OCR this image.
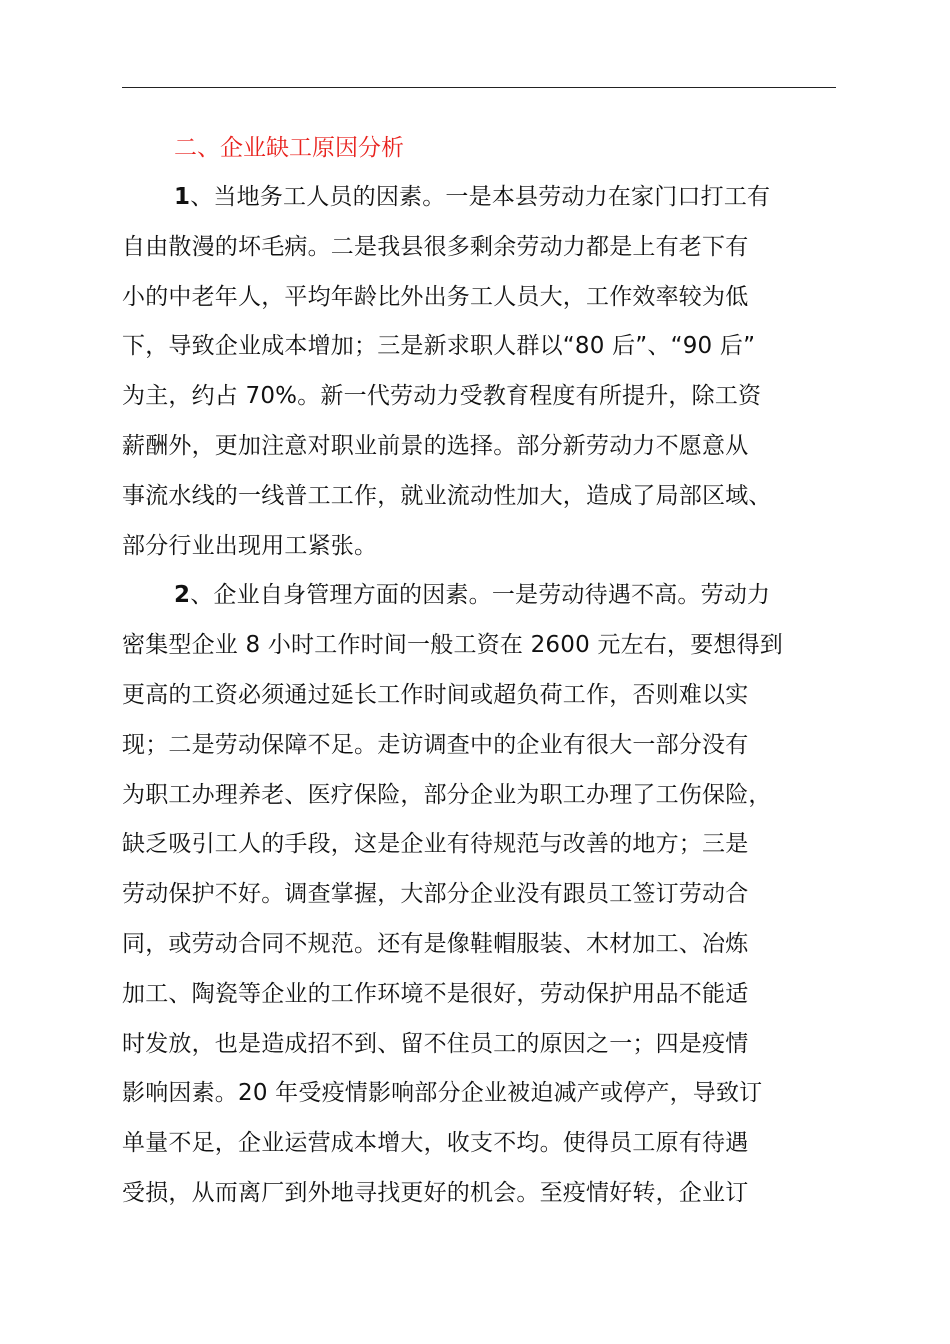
二、企业缺工原因分析
1、当地务工人员的因素。一是本县劳动力在家门口打工有
自由散漫的坏毛病。二是我县很多剩余劳动力都是上有老下有
小的中老年人，平均年龄比外出务工人员大，工作效率较为低
下，导致企业成本增加；三是新求职人群以“80 后”、“90 后”
为主，约占 70%。新一代劳动力受教育程度有所提升，除工资
薪酬外，更加注意对职业前景的选择。部分新劳动力不愿意从
事流水线的一线普工工作，就业流动性加大，造成了局部区域、
部分行业出现用工紧张。
2、企业自身管理方面的因素。一是劳动待遇不高。劳动力
密集型企业 8 小时工作时间一般工资在 2600 元左右，要想得到
更高的工资必须通过延长工作时间或超负荷工作，否则难以实
现；二是劳动保障不足。走访调查中的企业有很大一部分没有
为职工办理养老、医疗保险，部分企业为职工办理了工伤保险，
缺乏吸引工人的手段，这是企业有待规范与改善的地方；三是
劳动保护不好。调查掌握，大部分企业没有跟员工签订劳动合
同，或劳动合同不规范。还有是像鞋帽服装、木材加工、冶炼
加工、陶瓷等企业的工作环境不是很好，劳动保护用品不能适
时发放，也是造成招不到、留不住员工的原因之一；四是疫情
影响因素。20 年受疫情影响部分企业被迫减产或停产，导致订
单量不足，企业运营成本增大，收支不均。使得员工原有待遇
受损，从而离厂到外地寻找更好的机会。至疫情好转，企业订
